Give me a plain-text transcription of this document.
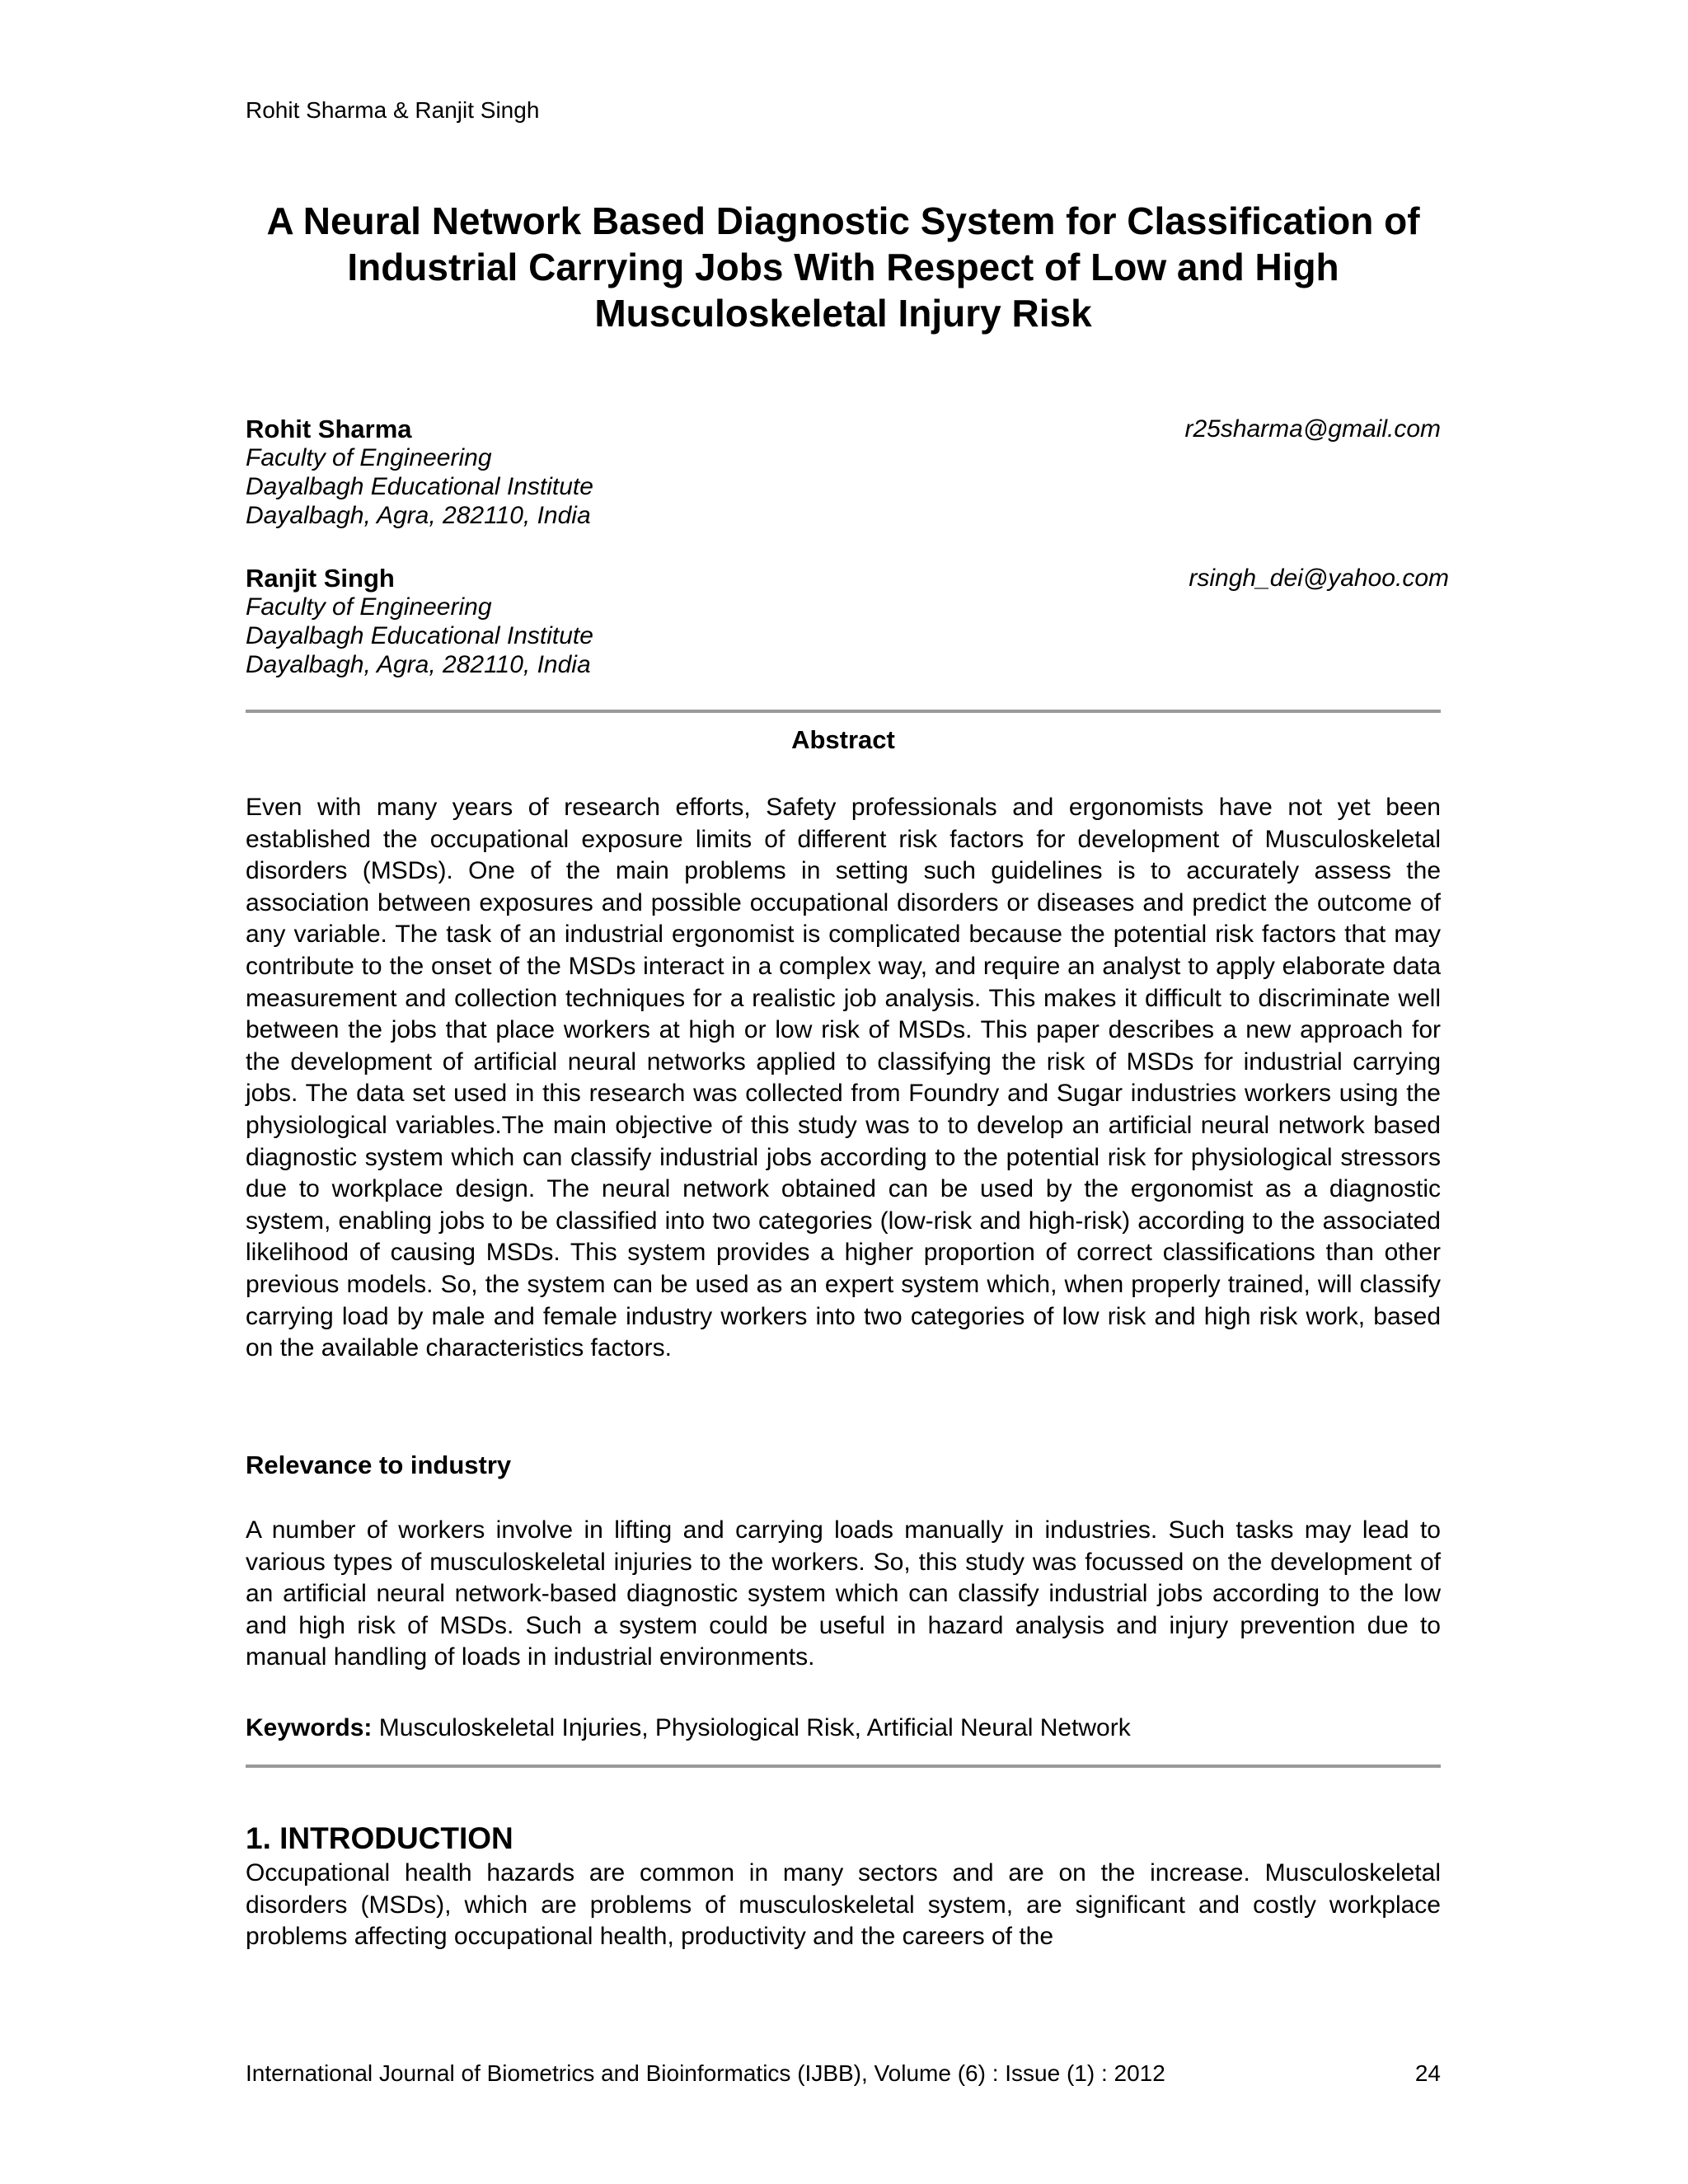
Rohit Sharma & Ranjit Singh
A Neural Network Based Diagnostic System for Classification of
Industrial Carrying Jobs With Respect of Low and High
Musculoskeletal Injury Risk
Rohit Sharma	r25sharma@gmail.com
Faculty of Engineering
Dayalbagh Educational Institute
Dayalbagh, Agra, 282110, India
Ranjit Singh	rsingh_dei@yahoo.com
Faculty of Engineering
Dayalbagh Educational Institute
Dayalbagh, Agra, 282110, India
Abstract

Even with many years of research efforts, Safety professionals and ergonomists have not yet been established the occupational exposure limits of different risk factors for development of Musculoskeletal disorders (MSDs). One of the main problems in setting such guidelines is to accurately assess the association between exposures and possible occupational disorders or diseases and predict the outcome of any variable. The task of an industrial ergonomist is complicated because the potential risk factors that may contribute to the onset of the MSDs interact in a complex way, and require an analyst to apply elaborate data measurement and collection techniques for a realistic job analysis. This makes it difficult to discriminate well between the jobs that place workers at high or low risk of MSDs. This paper describes a new approach for the development of artificial neural networks applied to classifying the risk of MSDs for industrial carrying jobs. The data set used in this research was collected from Foundry and Sugar industries workers using the physiological variables.The main objective of this study was to to develop an artificial neural network based diagnostic system which can classify industrial jobs according to the potential risk for physiological stressors due to workplace design. The neural network obtained can be used by the ergonomist as a diagnostic system, enabling jobs to be classified into two categories (low-risk and high-risk) according to the associated likelihood of causing MSDs. This system provides a higher proportion of correct classifications than other previous models. So, the system can be used as an expert system which, when properly trained, will classify carrying load by male and female industry workers into two categories of low risk and high risk work, based on the available characteristics factors.

Relevance to industry

A number of workers involve in lifting and carrying loads manually in industries. Such tasks may lead to various types of musculoskeletal injuries to the workers. So, this study was focussed on the development of an artificial neural network-based diagnostic system which can classify industrial jobs according to the low and high risk of MSDs. Such a system could be useful in hazard analysis and injury prevention due to manual handling of loads in industrial environments.

Keywords: Musculoskeletal Injuries, Physiological Risk, Artificial Neural Network
1. INTRODUCTION

Occupational health hazards are common in many sectors and are on the increase. Musculoskeletal disorders (MSDs), which are problems of musculoskeletal system, are significant and costly workplace problems affecting occupational health, productivity and the careers of the

International Journal of Biometrics and Bioinformatics (IJBB), Volume (6) : Issue (1) : 2012	24
